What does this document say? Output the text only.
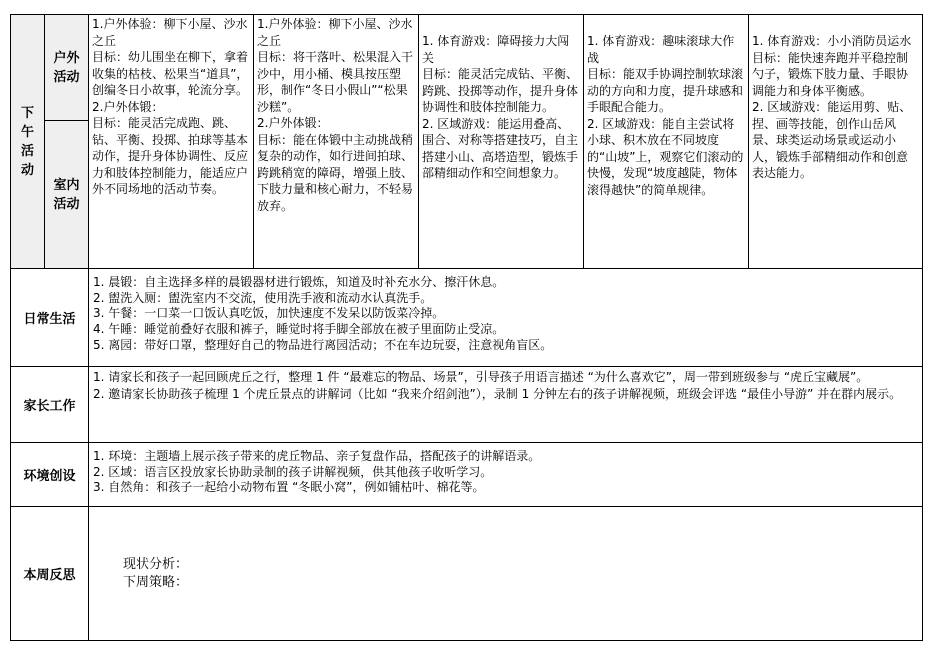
下午活动	户外活动	1.户外体验：柳下小屋、沙水之丘
目标：幼儿围坐在柳下，拿着收集的枯枝、松果当“道具”，创编冬日小故事，轮流分享。
2.户外体锻：
目标：能灵活完成跑、跳、钻、平衡、投掷、拍球等基本动作，提升身体协调性、反应力和肢体控制能力，能适应户外不同场地的活动节奏。	1.户外体验：柳下小屋、沙水之丘
目标：将干落叶、松果混入干沙中，用小桶、模具按压塑形，制作“冬日小假山”“松果沙糕”。
2.户外体锻：
目标：能在体锻中主动挑战稍复杂的动作，如行进间拍球、跨跳稍宽的障碍，增强上肢、下肢力量和核心耐力，不轻易放弃。	1. 体育游戏：障碍接力大闯关
目标：能灵活完成钻、平衡、跨跳、投掷等动作，提升身体协调性和肢体控制能力。
2. 区域游戏：能运用叠高、围合、对称等搭建技巧，自主搭建小山、高塔造型，锻炼手部精细动作和空间想象力。	1. 体育游戏：趣味滚球大作战
目标：能双手协调控制软球滚动的方向和力度，提升球感和手眼配合能力。
2. 区域游戏：能自主尝试将小球、积木放在不同坡度的“山坡”上，观察它们滚动的快慢，发现“坡度越陡，物体滚得越快”的简单规律。	1. 体育游戏：小小消防员运水
目标：能快速奔跑并平稳控制勺子，锻炼下肢力量、手眼协调能力和身体平衡感。
2. 区域游戏：能运用剪、贴、捏、画等技能，创作山岳风景、球类运动场景或运动小人，锻炼手部精细动作和创意表达能力。

	室内活动					
日常生活		1. 晨锻：自主选择多样的晨锻器材进行锻炼，知道及时补充水分、擦汗休息。
2. 盥洗入厕：盥洗室内不交流，使用洗手液和流动水认真洗手。
3. 午餐：一口菜一口饭认真吃饭，加快速度不发呆以防饭菜冷掉。
4. 午睡：睡觉前叠好衣服和裤子，睡觉时将手脚全部放在被子里面防止受凉。
5. 离园：带好口罩，整理好自己的物品进行离园活动；不在车边玩耍，注意视角盲区。				

家长工作		1. 请家长和孩子一起回顾虎丘之行，整理 1 件 “最难忘的物品、场景”，引导孩子用语言描述 “为什么喜欢它”，周一带到班级参与 “虎丘宝藏展”。
2. 邀请家长协助孩子梳理 1 个虎丘景点的讲解词（比如 “我来介绍剑池”），录制 1 分钟左右的孩子讲解视频，班级会评选 “最佳小导游” 并在群内展示。				

环境创设		1. 环境：主题墙上展示孩子带来的虎丘物品、亲子复盘作品，搭配孩子的讲解语录。
2. 区域：语言区投放家长协助录制的孩子讲解视频，供其他孩子收听学习。
3. 自然角：和孩子一起给小动物布置 “冬眠小窝”，例如铺枯叶、棉花等。				

本周反思		现状分析：
下周策略：				
